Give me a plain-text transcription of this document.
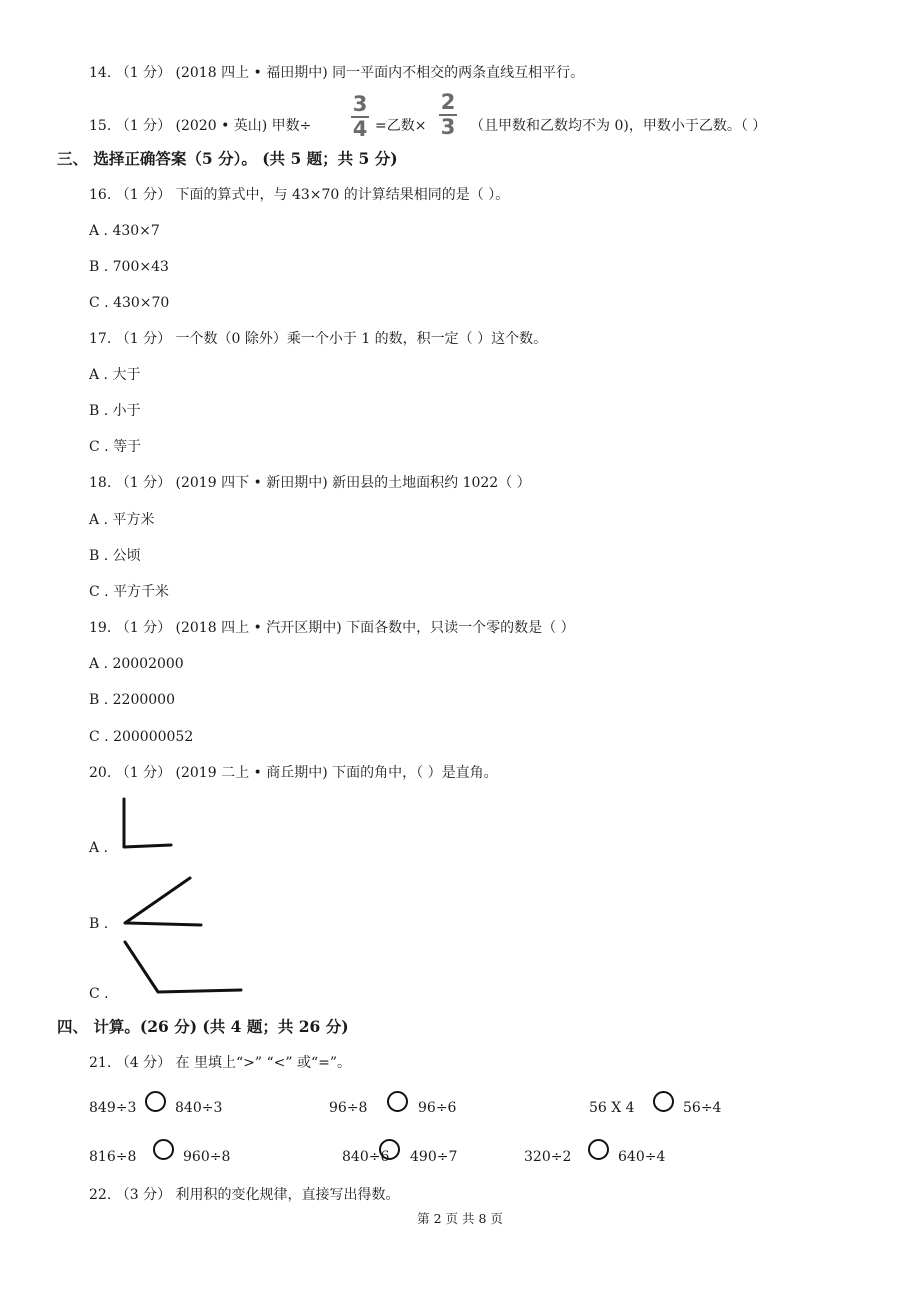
14. （1 分） (2018 四上 • 福田期中) 同一平面内不相交的两条直线互相平行。
15. （1 分） (2020 • 英山) 甲数÷
3
4 =乙数×
2
3 （且甲数和乙数均不为 0)，甲数小于乙数。（ ）
三、 选择正确答案（5 分）。 (共 5 题；共 5 分)
16. （1 分） 下面的算式中，与 43×70 的计算结果相同的是（ ）。
A . 430×7
B . 700×43
C . 430×70
17. （1 分） 一个数（0 除外）乘一个小于 1 的数，积一定（ ）这个数。
A . 大于
B . 小于
C . 等于
18. （1 分） (2019 四下 • 新田期中) 新田县的土地面积约 1022（ ）
A . 平方米
B . 公顷
C . 平方千米
19. （1 分） (2018 四上 • 汽开区期中) 下面各数中，只读一个零的数是（ ）
A . 20002000
B . 2200000
C . 200000052
20. （1 分） (2019 二上 • 商丘期中) 下面的角中，（ ）是直角。
A .
B .
C .
四、 计算。(26 分) (共 4 题；共 26 分)
21. （4 分） 在 里填上“>” “<” 或“=”。
849÷3	840÷3	96÷8	96÷6	56 X 4	56÷4
816÷8	960÷8	840÷6 490÷7	320÷2	640÷4
22. （3 分） 利用积的变化规律，直接写出得数。
第 2 页 共 8 页
